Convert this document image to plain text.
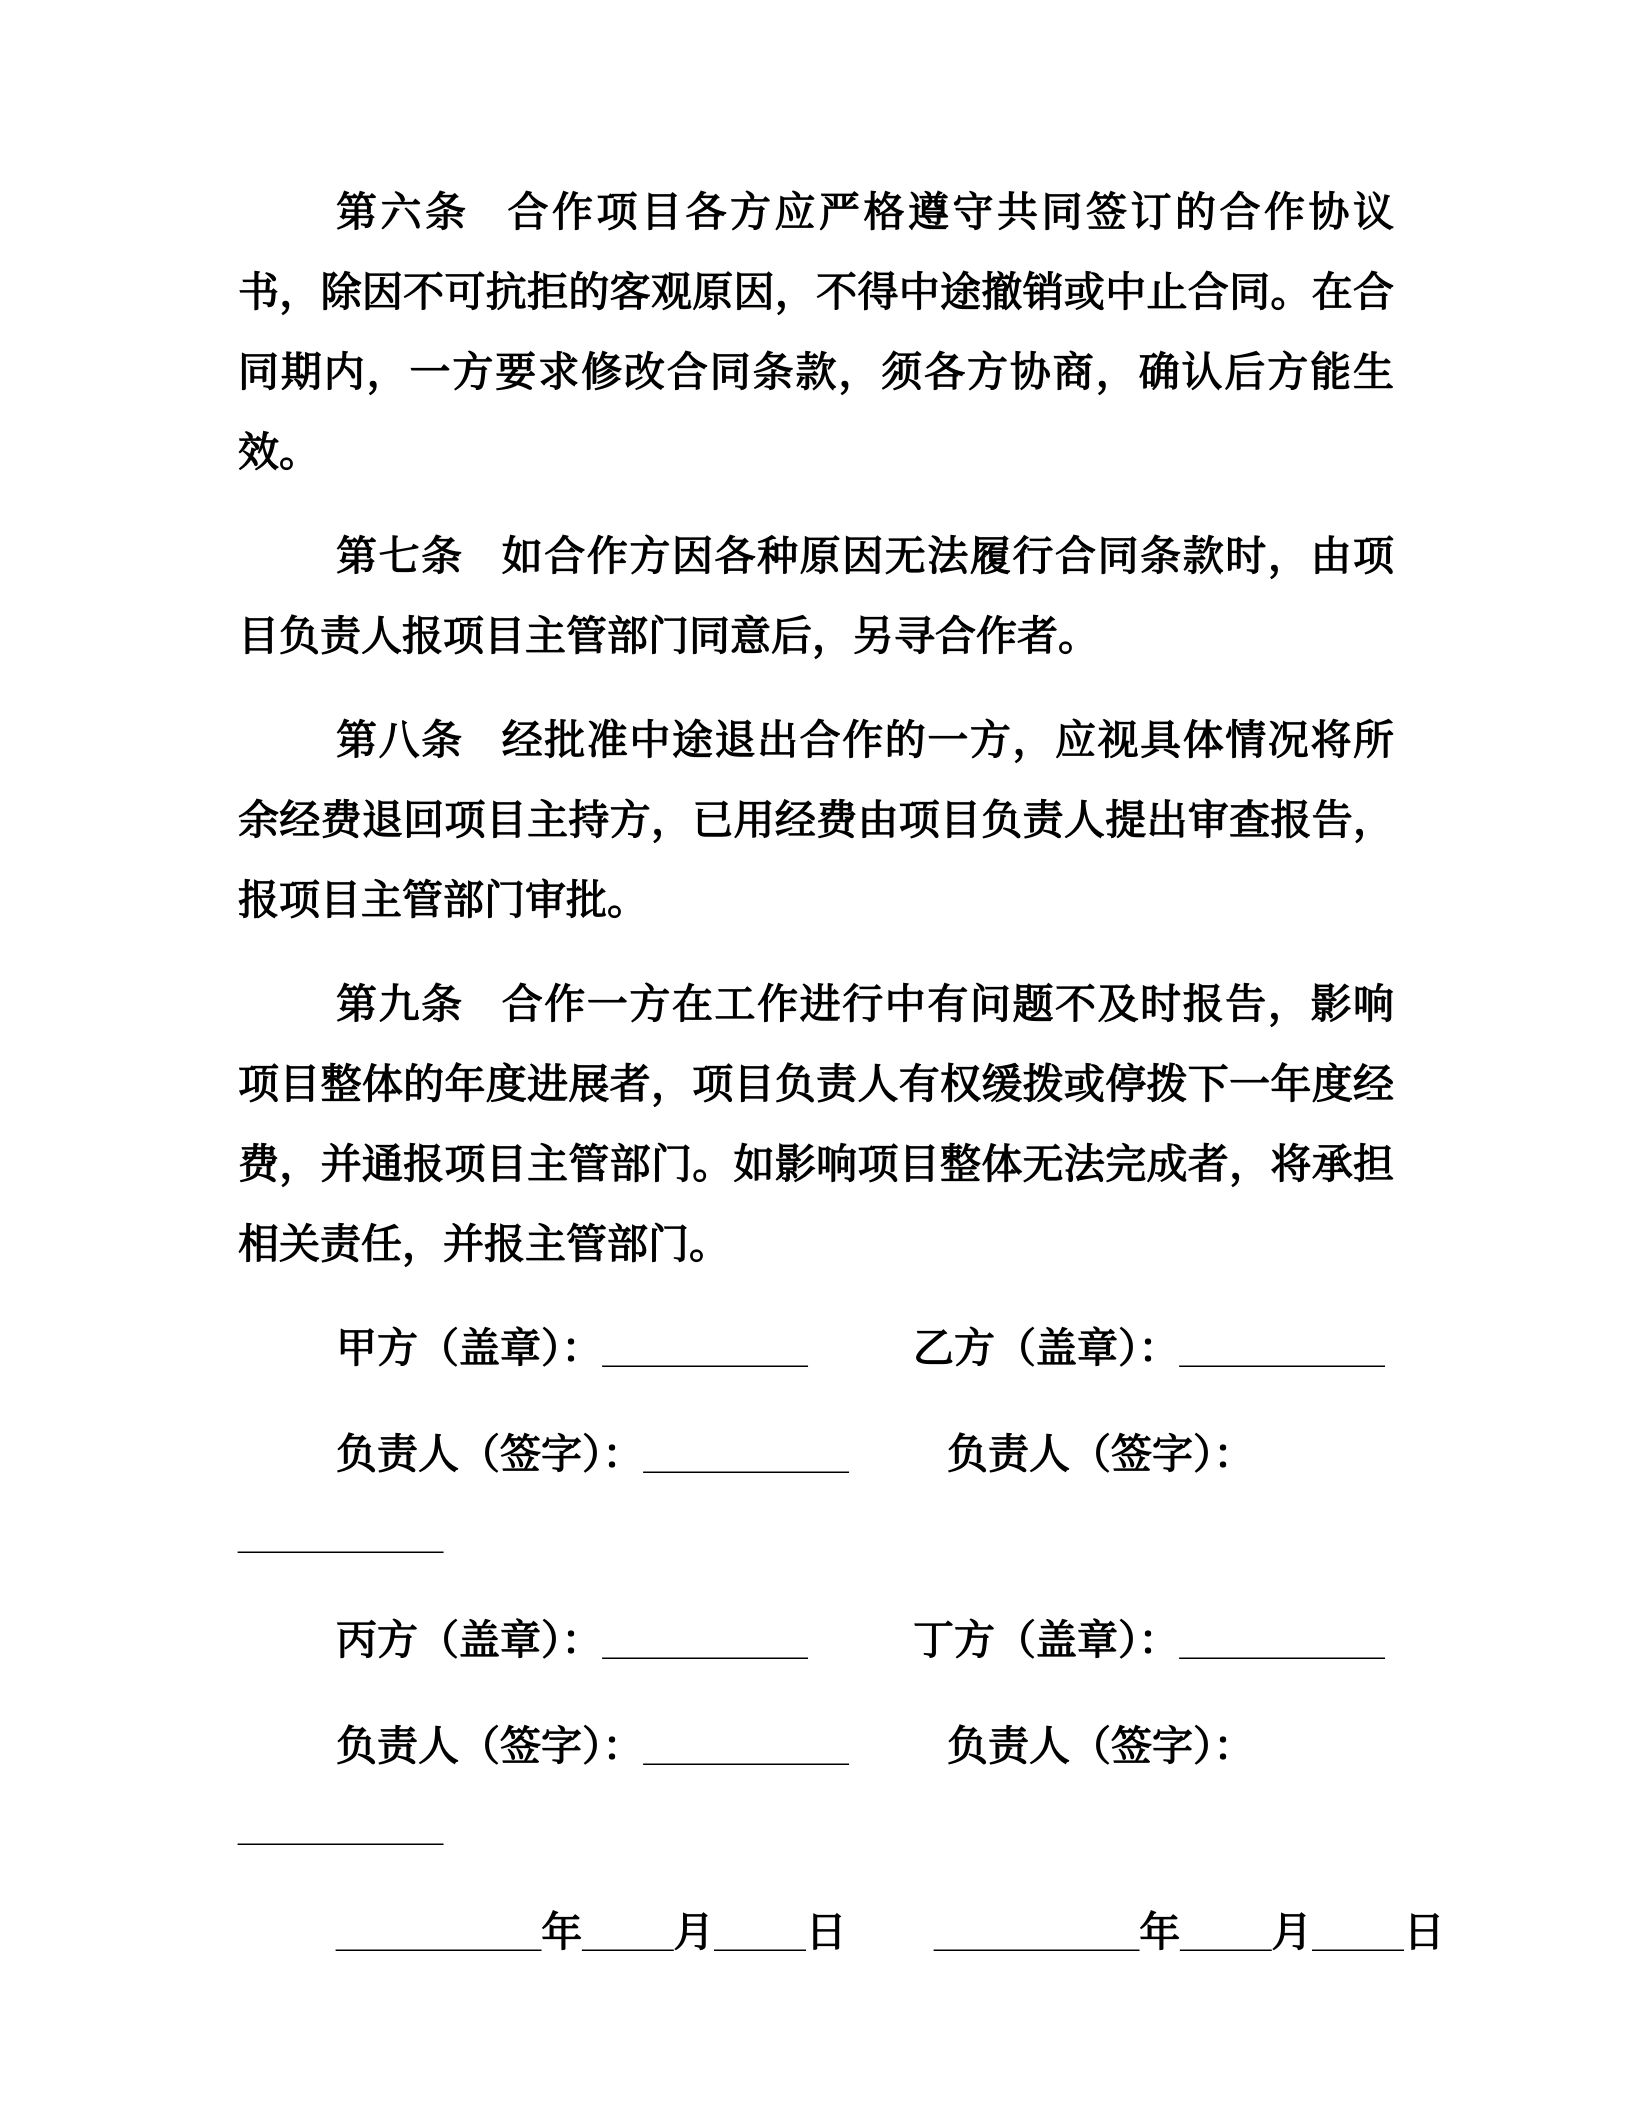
第六条 合作项目各方应严格遵守共同签订的合作协议书，除因不可抗拒的客观原因，不得中途撤销或中止合同。在合同期内，一方要求修改合同条款，须各方协商，确认后方能生效。

第七条 如合作方因各种原因无法履行合同条款时，由项目负责人报项目主管部门同意后，另寻合作者。

第八条 经批准中途退出合作的一方，应视具体情况将所余经费退回项目主持方，已用经费由项目负责人提出审查报告，报项目主管部门审批。

第九条 合作一方在工作进行中有问题不及时报告，影响项目整体的年度进展者，项目负责人有权缓拨或停拨下一年度经费，并通报项目主管部门。如影响项目整体无法完成者，将承担相关责任，并报主管部门。

甲方（盖章）：_________	乙方（盖章）：_________
负责人（签字）：_________ 负责人（签字）：
_________
丙方（盖章）：_________	丁方（盖章）：_________
负责人（签字）：_________ 负责人（签字）：
_________
_________年____月____日 _________年____月____日
